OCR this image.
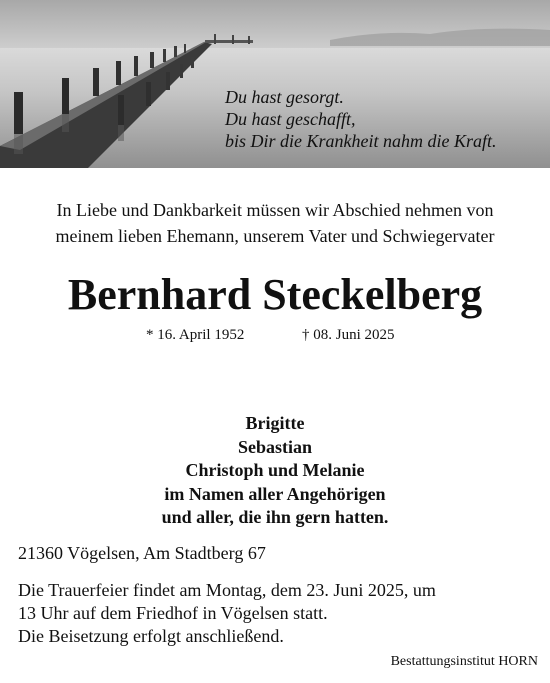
Du hast gesorgt.
Du hast geschafft,
bis Dir die Krankheit nahm die Kraft.
In Liebe und Dankbarkeit müssen wir Abschied nehmen von
meinem lieben Ehemann, unserem Vater und Schwiegervater
Bernhard Steckelberg
* 16. April 1952	† 08. Juni 2025
Brigitte
Sebastian
Christoph und Melanie
im Namen aller Angehörigen
und aller, die ihn gern hatten.
21360 Vögelsen, Am Stadtberg 67
Die Trauerfeier findet am Montag, dem 23. Juni 2025, um
13 Uhr auf dem Friedhof in Vögelsen statt.
Die Beisetzung erfolgt anschließend.
Bestattungsinstitut HORN
